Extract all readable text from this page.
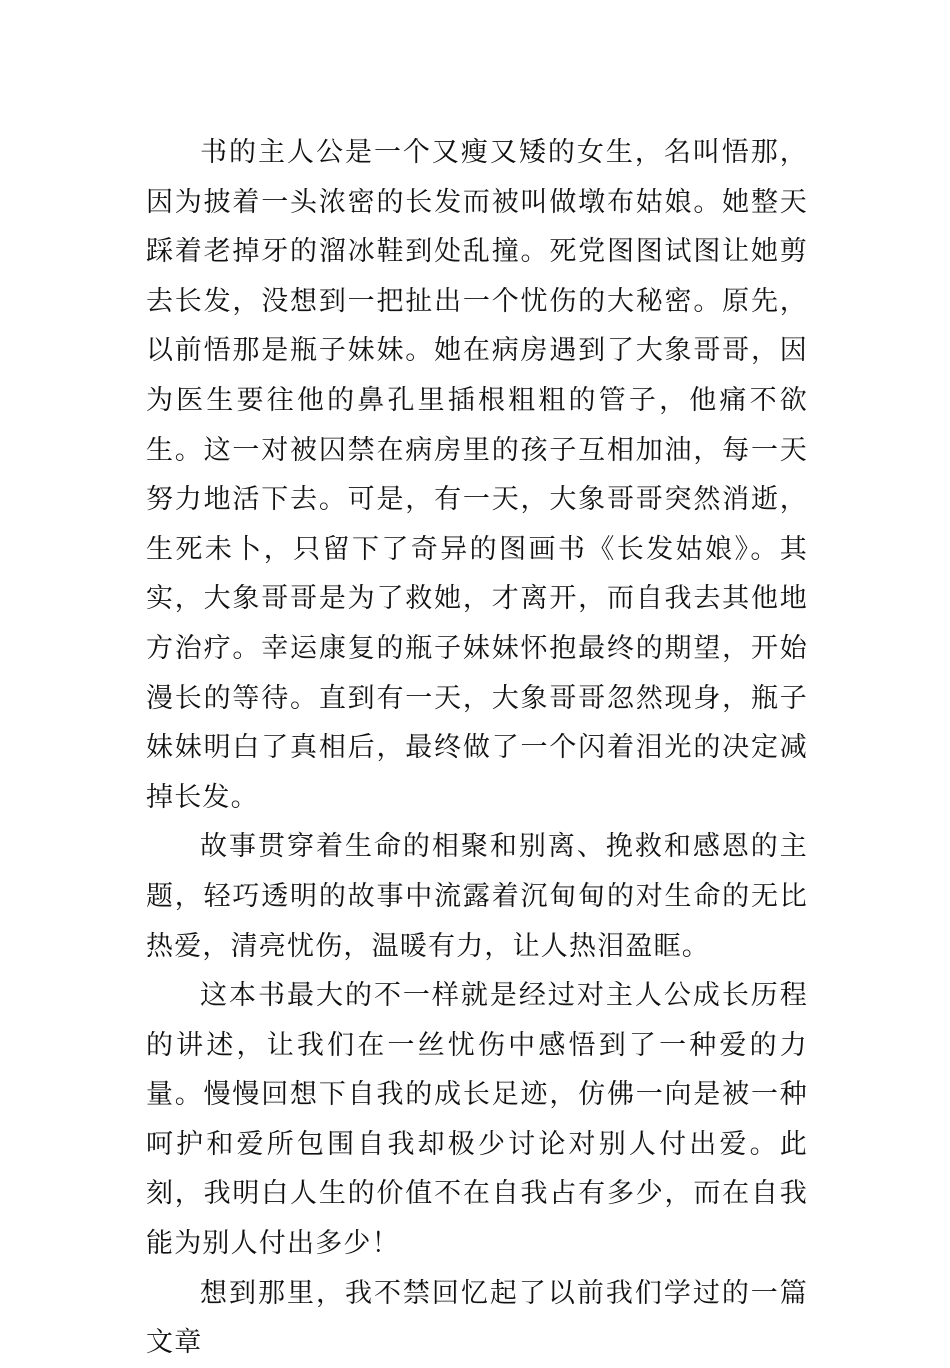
书的主人公是一个又瘦又矮的女生，名叫悟那，因为披着一头浓密的长发而被叫做墩布姑娘。她整天踩着老掉牙的溜冰鞋到处乱撞。死党图图试图让她剪去长发，没想到一把扯出一个忧伤的大秘密。原先，以前悟那是瓶子妹妹。她在病房遇到了大象哥哥，因为医生要往他的鼻孔里插根粗粗的管子，他痛不欲生。这一对被囚禁在病房里的孩子互相加油，每一天努力地活下去。可是，有一天，大象哥哥突然消逝，生死未卜，只留下了奇异的图画书《长发姑娘》。其实，大象哥哥是为了救她，才离开，而自我去其他地方治疗。幸运康复的瓶子妹妹怀抱最终的期望，开始漫长的等待。直到有一天，大象哥哥忽然现身，瓶子妹妹明白了真相后，最终做了一个闪着泪光的决定减掉长发。

故事贯穿着生命的相聚和别离、挽救和感恩的主题，轻巧透明的故事中流露着沉甸甸的对生命的无比热爱，清亮忧伤，温暖有力，让人热泪盈眶。

这本书最大的不一样就是经过对主人公成长历程的讲述，让我们在一丝忧伤中感悟到了一种爱的力量。慢慢回想下自我的成长足迹，仿佛一向是被一种呵护和爱所包围自我却极少讨论对别人付出爱。此刻，我明白人生的价值不在自我占有多少，而在自我能为别人付出多少！

想到那里，我不禁回忆起了以前我们学过的一篇文章
